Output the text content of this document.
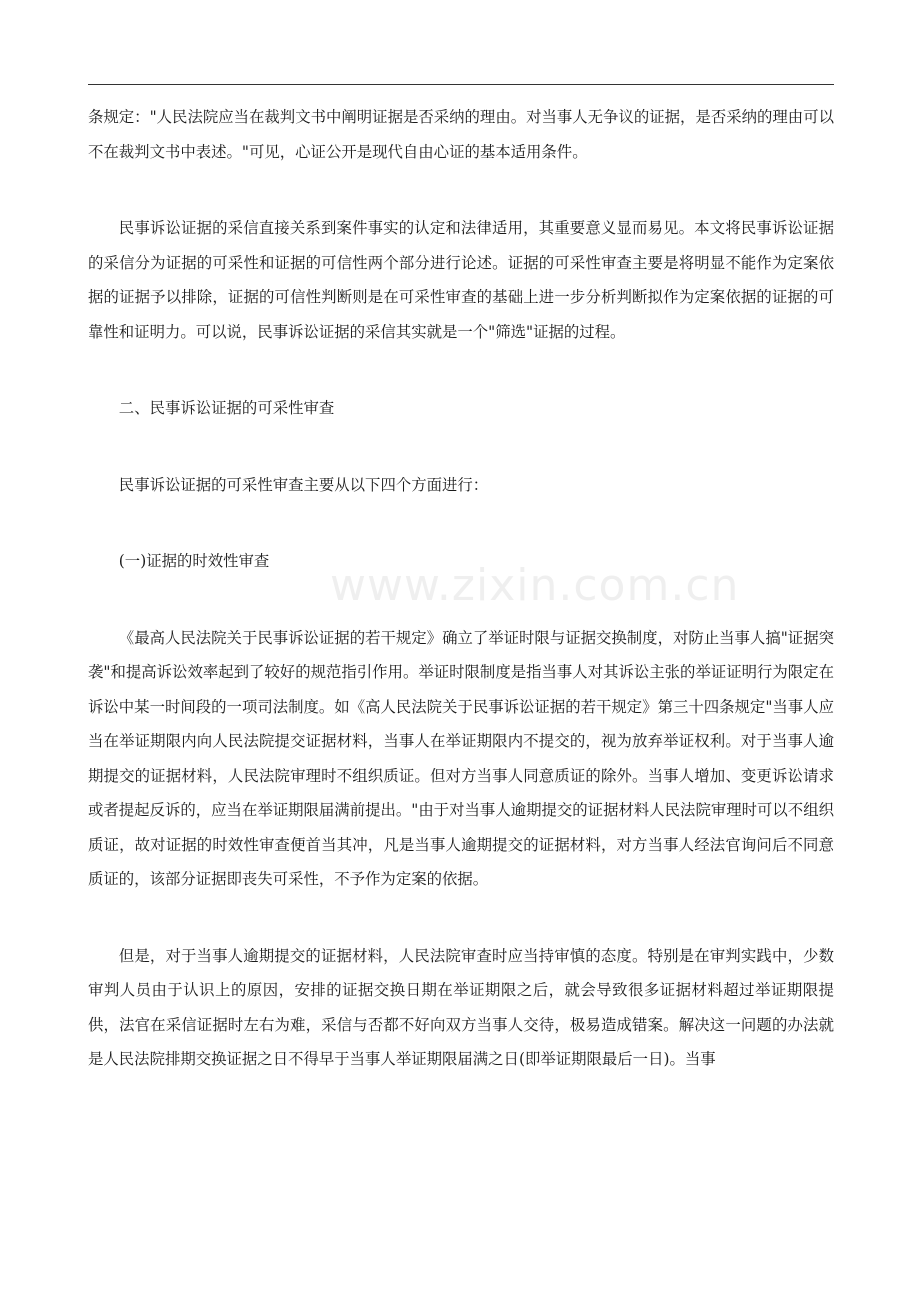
www.zixin.com.cn

条规定："人民法院应当在裁判文书中阐明证据是否采纳的理由。对当事人无争议的证据，是否采纳的理由可以不在裁判文书中表述。"可见，心证公开是现代自由心证的基本适用条件。

民事诉讼证据的采信直接关系到案件事实的认定和法律适用，其重要意义显而易见。本文将民事诉讼证据的采信分为证据的可采性和证据的可信性两个部分进行论述。证据的可采性审查主要是将明显不能作为定案依据的证据予以排除，证据的可信性判断则是在可采性审查的基础上进一步分析判断拟作为定案依据的证据的可靠性和证明力。可以说，民事诉讼证据的采信其实就是一个"筛选"证据的过程。

二、民事诉讼证据的可采性审查

民事诉讼证据的可采性审查主要从以下四个方面进行：

(一)证据的时效性审查

《最高人民法院关于民事诉讼证据的若干规定》确立了举证时限与证据交换制度，对防止当事人搞"证据突袭"和提高诉讼效率起到了较好的规范指引作用。举证时限制度是指当事人对其诉讼主张的举证证明行为限定在诉讼中某一时间段的一项司法制度。如《高人民法院关于民事诉讼证据的若干规定》第三十四条规定"当事人应当在举证期限内向人民法院提交证据材料，当事人在举证期限内不提交的，视为放弃举证权利。对于当事人逾期提交的证据材料，人民法院审理时不组织质证。但对方当事人同意质证的除外。当事人增加、变更诉讼请求或者提起反诉的，应当在举证期限届满前提出。"由于对当事人逾期提交的证据材料人民法院审理时可以不组织质证，故对证据的时效性审查便首当其冲，凡是当事人逾期提交的证据材料，对方当事人经法官询问后不同意质证的，该部分证据即丧失可采性，不予作为定案的依据。

但是，对于当事人逾期提交的证据材料，人民法院审查时应当持审慎的态度。特别是在审判实践中，少数审判人员由于认识上的原因，安排的证据交换日期在举证期限之后，就会导致很多证据材料超过举证期限提供，法官在采信证据时左右为难，采信与否都不好向双方当事人交待，极易造成错案。解决这一问题的办法就是人民法院排期交换证据之日不得早于当事人举证期限届满之日(即举证期限最后一日)。当事
